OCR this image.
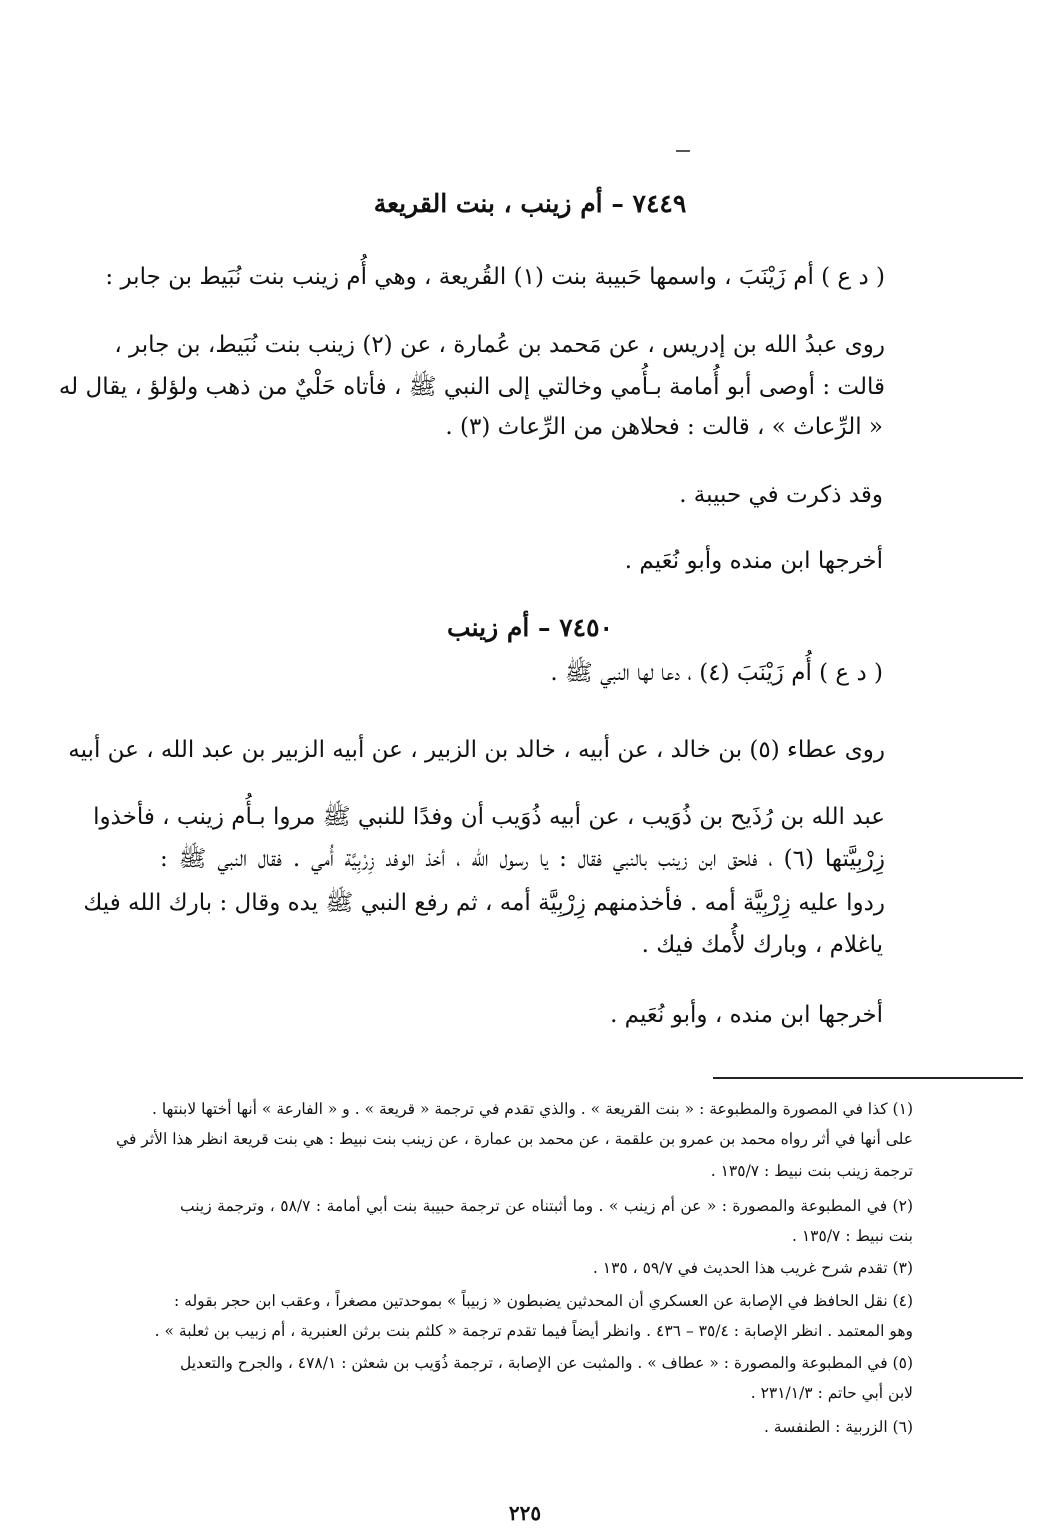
٧٤٤٩ – أم زينب ، بنت القريعة

( د ع ) أم زَيْنَبَ ، واسمها حَبيبة بنت (١) القُريعة ، وهي أُم زينب بنت نُبَيط بن جابر :

روى عبدُ الله بن إدريس ، عن مَحمد بن عُمارة ، عن (٢) زينب بنت نُبَيط، بن جابر ،

قالت : أوصى أبو أُمامة بـأُمي وخالتي إلى النبي ﷺ ، فأتاه حَلْيٌ من ذهب ولؤلؤ ، يقال له

« الرِّعاث » ، قالت : فحلاهن من الرِّعاث (٣) .

وقد ذكرت في حبيبة .

أخرجها ابن منده وأبو نُعَيم .

٧٤٥٠ – أم زينب

( د ع ) أُم زَيْنَبَ (٤) ، دعا لها النبي ﷺ .

روى عطاء (٥) بن خالد ، عن أبيه ، خالد بن الزبير ، عن أبيه الزبير بن عبد الله ، عن أبيه

عبد الله بن رُذَيح بن ذُوَيب ، عن أبيه ذُوَيب أن وفدًا للنبي ﷺ مروا بـأُم زينب ، فأخذوا

زِرْبِيَّتها (٦) ، فلحق ابن زينب بالنبي فقال : يا رسول الله ، أخذ الوفد زِرْبِيَّة أُمي . فقال النبي ﷺ :

ردوا عليه زِرْبِيَّة أمه . فأخذمنهم زِرْبِيَّة أمه ، ثم رفع النبي ﷺ يده وقال : بارك الله فيك

ياغلام ، وبارك لأُمك فيك .

أخرجها ابن منده ، وأبو نُعَيم .

(١) كذا في المصورة والمطبوعة : « بنت القريعة » . والذي تقدم في ترجمة « قريعة » . و « الفارعة » أنها أختها لابنتها .

على أنها في أثر رواه محمد بن عمرو بن علقمة ، عن محمد بن عمارة ، عن زينب بنت نبيط : هي بنت قريعة انظر هذا الأثر في

ترجمة زينب بنت نبيط : ١٣٥/٧ .

(٢) في المطبوعة والمصورة : « عن أم زينب » . وما أثبتناه عن ترجمة حبيبة بنت أبي أمامة : ٥٨/٧ ، وترجمة زينب

بنت نبيط : ١٣٥/٧ .

(٣) تقدم شرح غريب هذا الحديث في ٥٩/٧ ، ١٣٥ .

(٤) نقل الحافظ في الإصابة عن العسكري أن المحدثين يضبطون « زبيباً » بموحدتين مصغراً ، وعقب ابن حجر بقوله :

وهو المعتمد . انظر الإصابة : ٣٥/٤ – ٤٣٦ . وانظر أيضاً فيما تقدم ترجمة « كلثم بنت برثن العنبرية ، أم زبيب بن ثعلبة » .

(٥) في المطبوعة والمصورة : « عطاف » . والمثبت عن الإصابة ، ترجمة ذُوَيب بن شعثن : ٤٧٨/١ ، والجرح والتعديل

لابن أبي حاتم : ٢٣١/١/٣ .

(٦) الزربية : الطنفسة .

٢٢٥
